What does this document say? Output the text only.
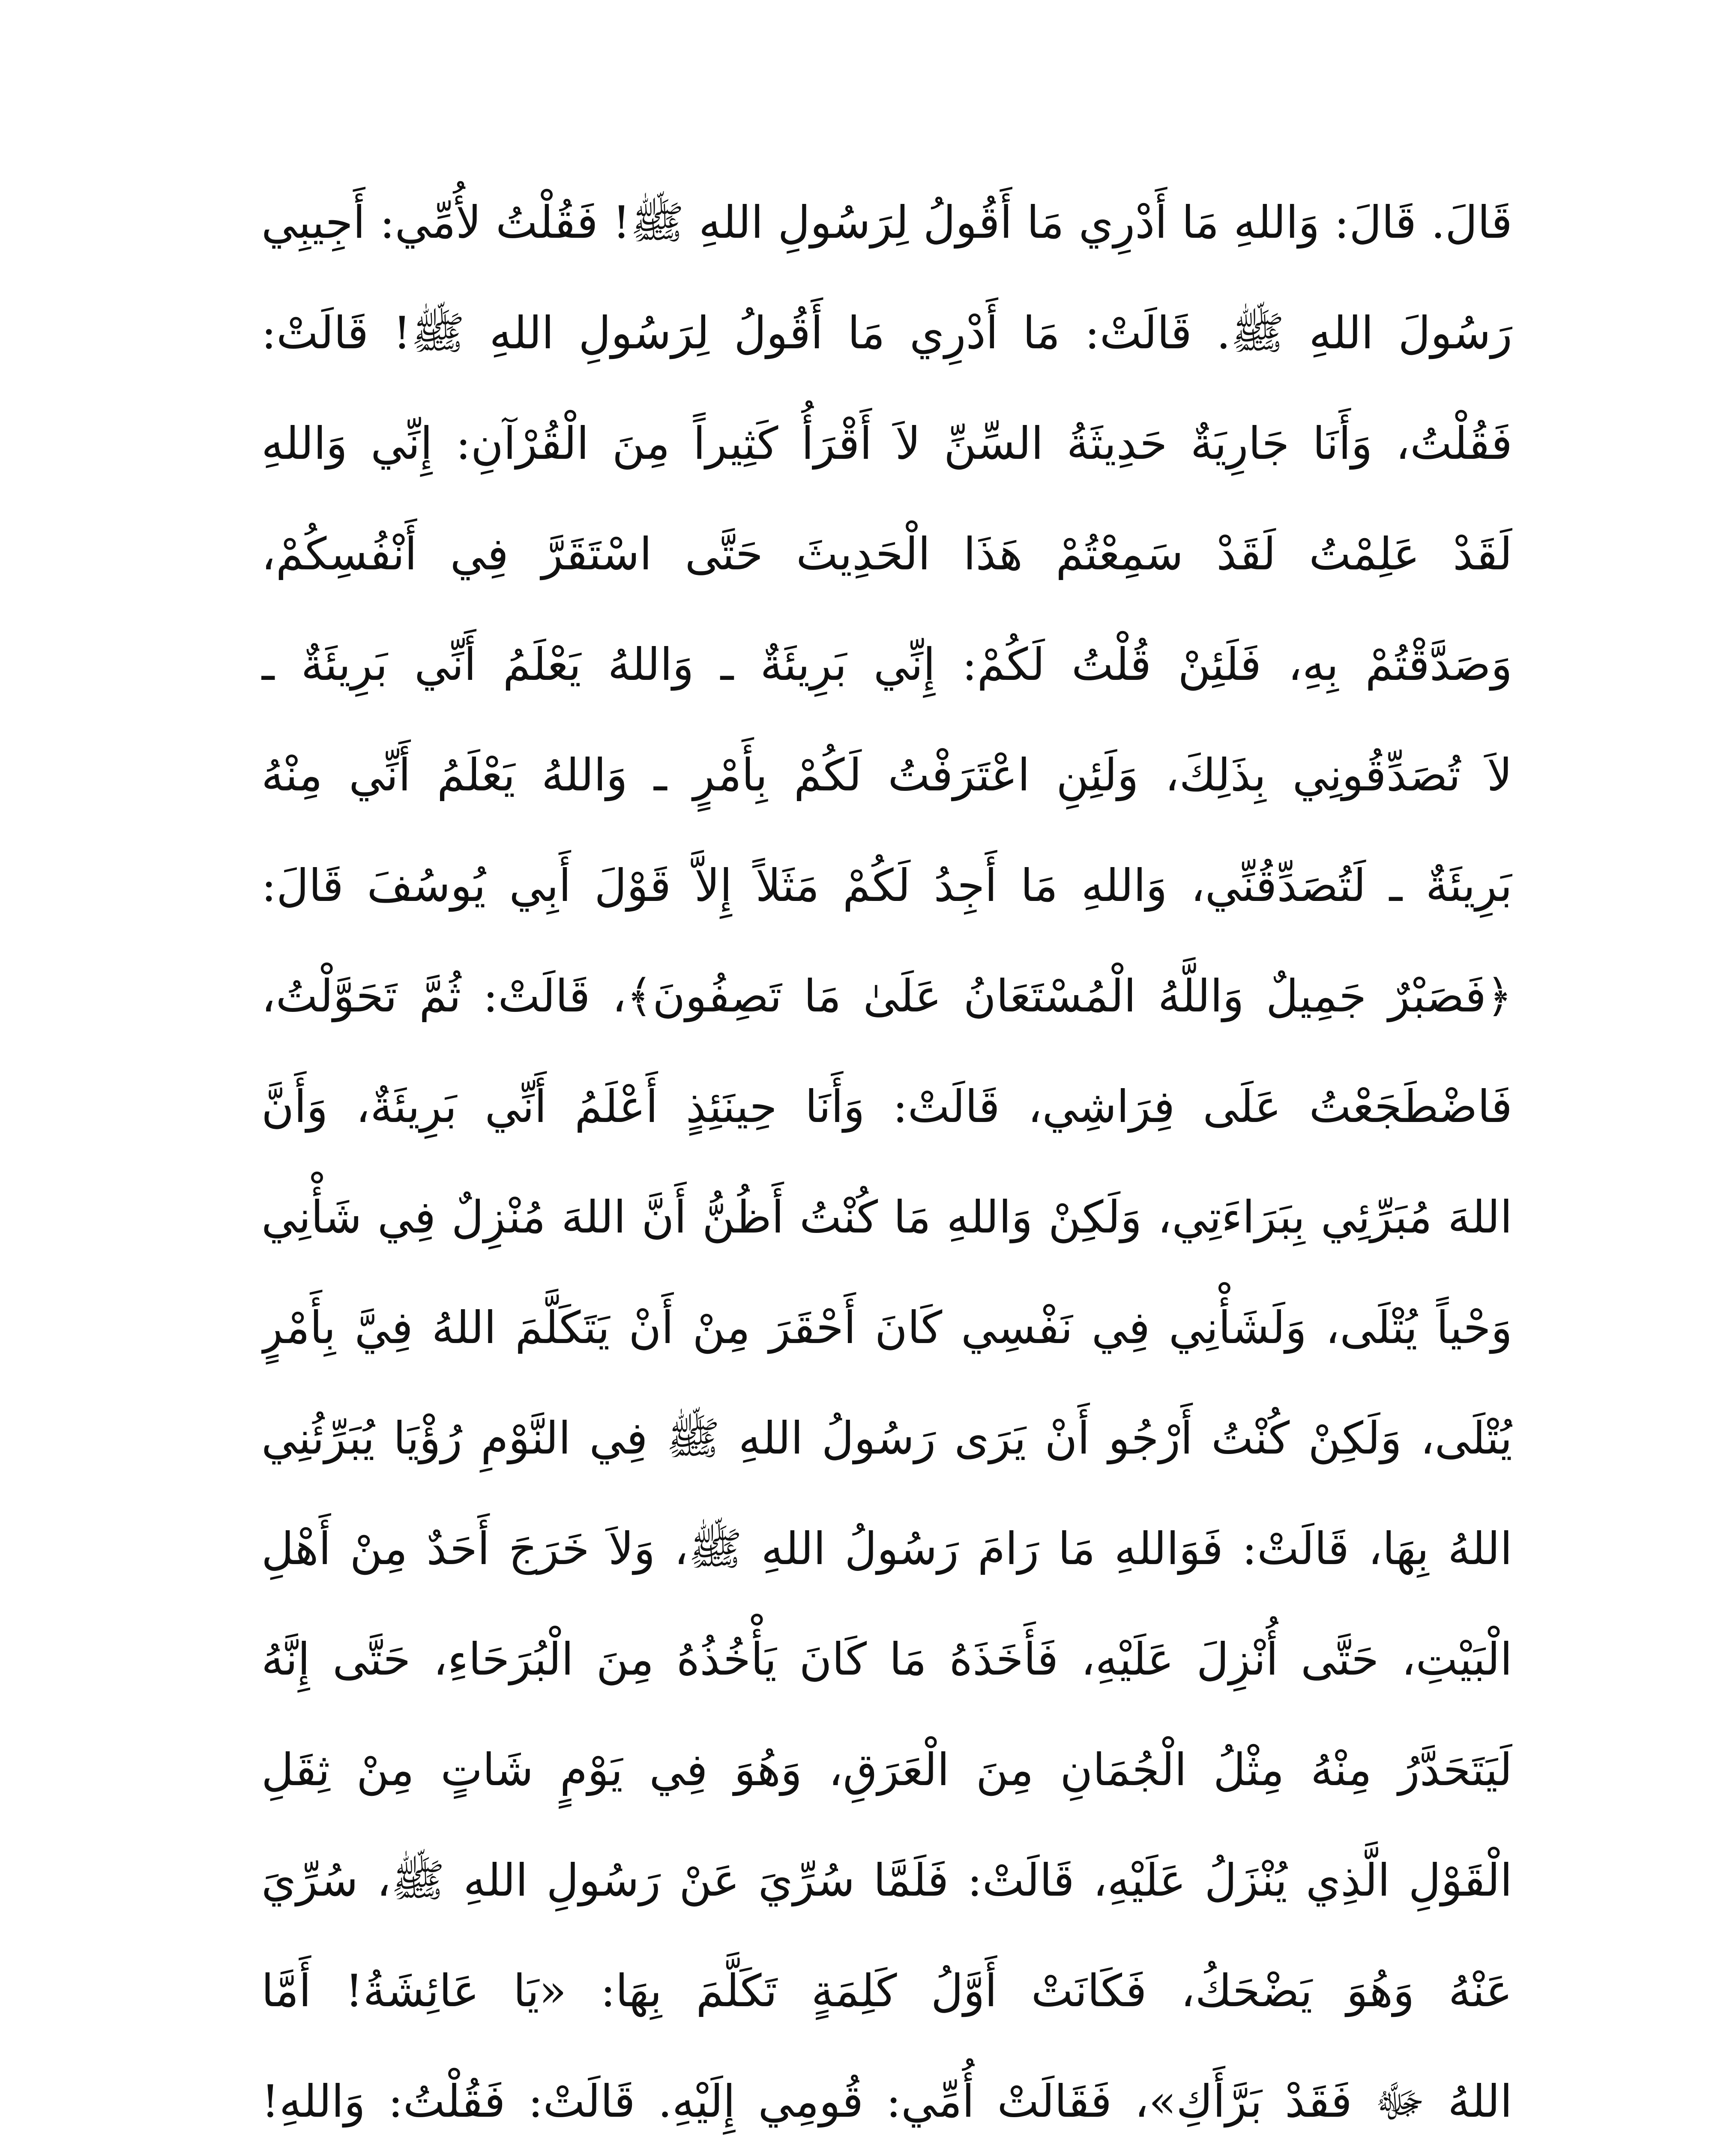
قَالَ. قَالَ: وَاللهِ مَا أَدْرِي مَا أَقُولُ لِرَسُولِ اللهِ ﷺ! فَقُلْتُ لأُمِّي: أَجِيبِي
رَسُولَ اللهِ ﷺ. قَالَتْ: مَا أَدْرِي مَا أَقُولُ لِرَسُولِ اللهِ ﷺ! قَالَتْ:
فَقُلْتُ، وَأَنَا جَارِيَةٌ حَدِيثَةُ السِّنِّ لاَ أَقْرَأُ كَثِيراً مِنَ الْقُرْآنِ: إِنِّي وَاللهِ
لَقَدْ عَلِمْتُ لَقَدْ سَمِعْتُمْ هَذَا الْحَدِيثَ حَتَّى اسْتَقَرَّ فِي أَنْفُسِكُمْ،
وَصَدَّقْتُمْ بِهِ، فَلَئِنْ قُلْتُ لَكُمْ: إِنِّي بَرِيئَةٌ ـ وَاللهُ يَعْلَمُ أَنِّي بَرِيئَةٌ ـ
لاَ تُصَدِّقُونِي بِذَلِكَ، وَلَئِنِ اعْتَرَفْتُ لَكُمْ بِأَمْرٍ ـ وَاللهُ يَعْلَمُ أَنِّي مِنْهُ
بَرِيئَةٌ ـ لَتُصَدِّقُنِّي، وَاللهِ مَا أَجِدُ لَكُمْ مَثَلاً إِلاَّ قَوْلَ أَبِي يُوسُفَ قَالَ:
﴿فَصَبْرٌ جَمِيلٌ وَاللَّهُ الْمُسْتَعَانُ عَلَىٰ مَا تَصِفُونَ﴾، قَالَتْ: ثُمَّ تَحَوَّلْتُ،
فَاضْطَجَعْتُ عَلَى فِرَاشِي، قَالَتْ: وَأَنَا حِينَئِذٍ أَعْلَمُ أَنِّي بَرِيئَةٌ، وَأَنَّ
اللهَ مُبَرِّئِي بِبَرَاءَتِي، وَلَكِنْ وَاللهِ مَا كُنْتُ أَظُنُّ أَنَّ اللهَ مُنْزِلٌ فِي شَأْنِي
وَحْياً يُتْلَى، وَلَشَأْنِي فِي نَفْسِي كَانَ أَحْقَرَ مِنْ أَنْ يَتَكَلَّمَ اللهُ فِيَّ بِأَمْرٍ
يُتْلَى، وَلَكِنْ كُنْتُ أَرْجُو أَنْ يَرَى رَسُولُ اللهِ ﷺ فِي النَّوْمِ رُؤْيَا يُبَرِّئُنِي
اللهُ بِهَا، قَالَتْ: فَوَاللهِ مَا رَامَ رَسُولُ اللهِ ﷺ، وَلاَ خَرَجَ أَحَدٌ مِنْ أَهْلِ
الْبَيْتِ، حَتَّى أُنْزِلَ عَلَيْهِ، فَأَخَذَهُ مَا كَانَ يَأْخُذُهُ مِنَ الْبُرَحَاءِ، حَتَّى إِنَّهُ
لَيَتَحَدَّرُ مِنْهُ مِثْلُ الْجُمَانِ مِنَ الْعَرَقِ، وَهُوَ فِي يَوْمٍ شَاتٍ مِنْ ثِقَلِ
الْقَوْلِ الَّذِي يُنْزَلُ عَلَيْهِ، قَالَتْ: فَلَمَّا سُرِّيَ عَنْ رَسُولِ اللهِ ﷺ، سُرِّيَ
عَنْهُ وَهُوَ يَضْحَكُ، فَكَانَتْ أَوَّلُ كَلِمَةٍ تَكَلَّمَ بِهَا: «يَا عَائِشَةُ! أَمَّا
اللهُ ﷻ فَقَدْ بَرَّأَكِ»، فَقَالَتْ أُمِّي: قُومِي إِلَيْهِ. قَالَتْ: فَقُلْتُ: وَاللهِ!
